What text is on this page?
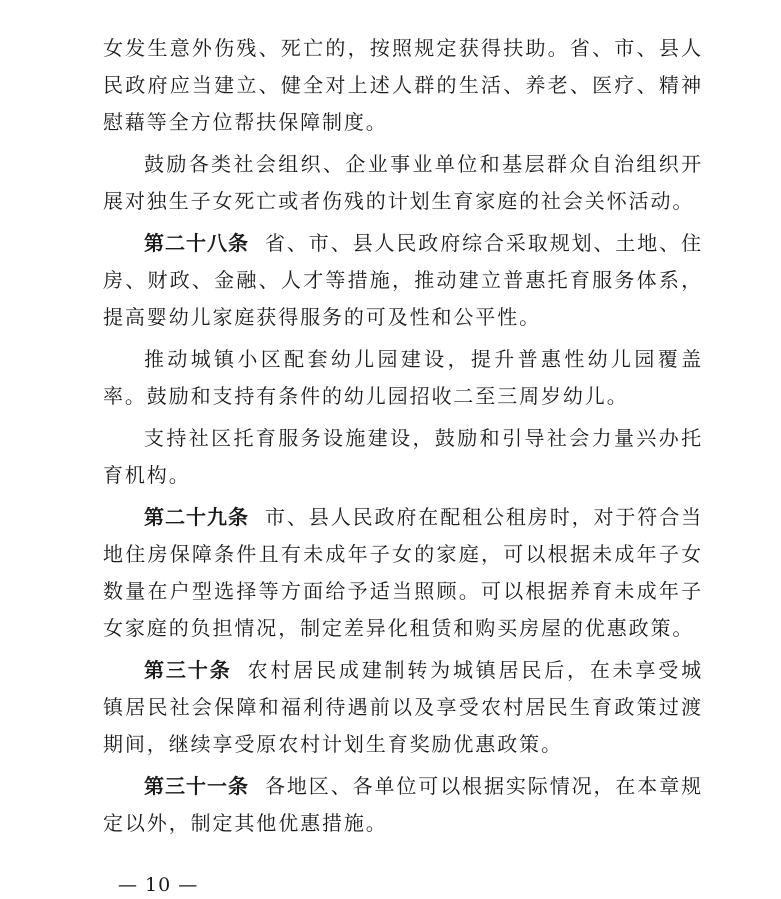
女发生意外伤残、死亡的，按照规定获得扶助。省、市、县人民政府应当建立、健全对上述人群的生活、养老、医疗、精神慰藉等全方位帮扶保障制度。

鼓励各类社会组织、企业事业单位和基层群众自治组织开展对独生子女死亡或者伤残的计划生育家庭的社会关怀活动。

第二十八条 省、市、县人民政府综合采取规划、土地、住房、财政、金融、人才等措施，推动建立普惠托育服务体系，提高婴幼儿家庭获得服务的可及性和公平性。

推动城镇小区配套幼儿园建设，提升普惠性幼儿园覆盖率。鼓励和支持有条件的幼儿园招收二至三周岁幼儿。

支持社区托育服务设施建设，鼓励和引导社会力量兴办托育机构。

第二十九条 市、县人民政府在配租公租房时，对于符合当地住房保障条件且有未成年子女的家庭，可以根据未成年子女数量在户型选择等方面给予适当照顾。可以根据养育未成年子女家庭的负担情况，制定差异化租赁和购买房屋的优惠政策。

第三十条 农村居民成建制转为城镇居民后，在未享受城镇居民社会保障和福利待遇前以及享受农村居民生育政策过渡期间，继续享受原农村计划生育奖励优惠政策。

第三十一条 各地区、各单位可以根据实际情况，在本章规定以外，制定其他优惠措施。

— 10 —
